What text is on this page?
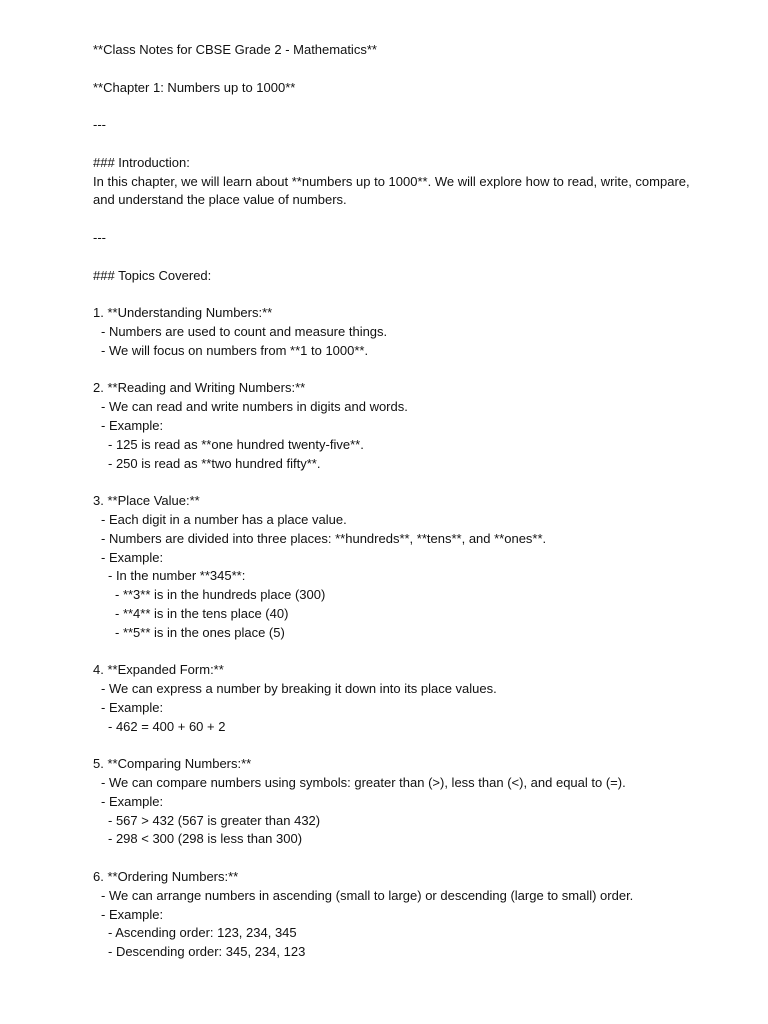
**Class Notes for CBSE Grade 2 - Mathematics**

**Chapter 1: Numbers up to 1000**

---

### Introduction:

In this chapter, we will learn about **numbers up to 1000**. We will explore how to read, write, compare,

and understand the place value of numbers.

---

### Topics Covered:

1. **Understanding Numbers:**

- Numbers are used to count and measure things.

- We will focus on numbers from **1 to 1000**.

2. **Reading and Writing Numbers:**

- We can read and write numbers in digits and words.

- Example:

- 125 is read as **one hundred twenty-five**.

- 250 is read as **two hundred fifty**.

3. **Place Value:**

- Each digit in a number has a place value.

- Numbers are divided into three places: **hundreds**, **tens**, and **ones**.

- Example:

- In the number **345**:

- **3** is in the hundreds place (300)

- **4** is in the tens place (40)

- **5** is in the ones place (5)

4. **Expanded Form:**

- We can express a number by breaking it down into its place values.

- Example:

- 462 = 400 + 60 + 2

5. **Comparing Numbers:**

- We can compare numbers using symbols: greater than (>), less than (<), and equal to (=).

- Example:

- 567 > 432 (567 is greater than 432)

- 298 < 300 (298 is less than 300)

6. **Ordering Numbers:**

- We can arrange numbers in ascending (small to large) or descending (large to small) order.

- Example:

- Ascending order: 123, 234, 345

- Descending order: 345, 234, 123
